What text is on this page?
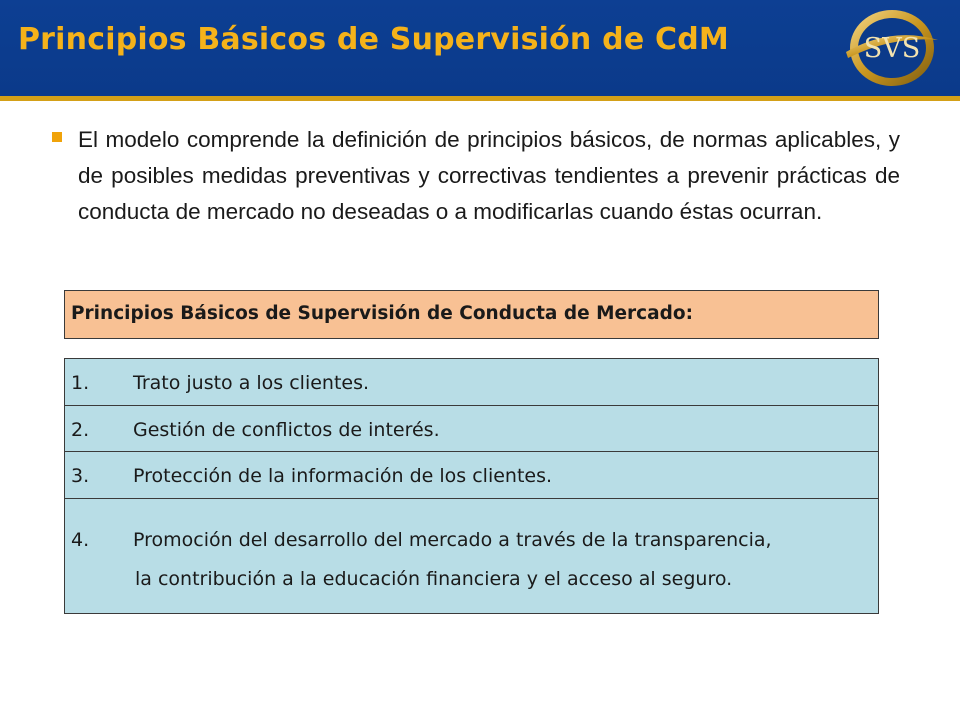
Principios Básicos de Supervisión de CdM	SVS

El modelo comprende la definición de principios básicos, de normas aplicables, y de posibles medidas preventivas y correctivas tendientes a prevenir prácticas de conducta de mercado no deseadas o a modificarlas cuando éstas ocurran.

Principios Básicos de Supervisión de Conducta de Mercado:
1. Trato justo a los clientes.
2. Gestión de conflictos de interés.
3. Protección de la información de los clientes.
4. Promoción del desarrollo del mercado a través de la transparencia,
la contribución a la educación financiera y el acceso al seguro.
